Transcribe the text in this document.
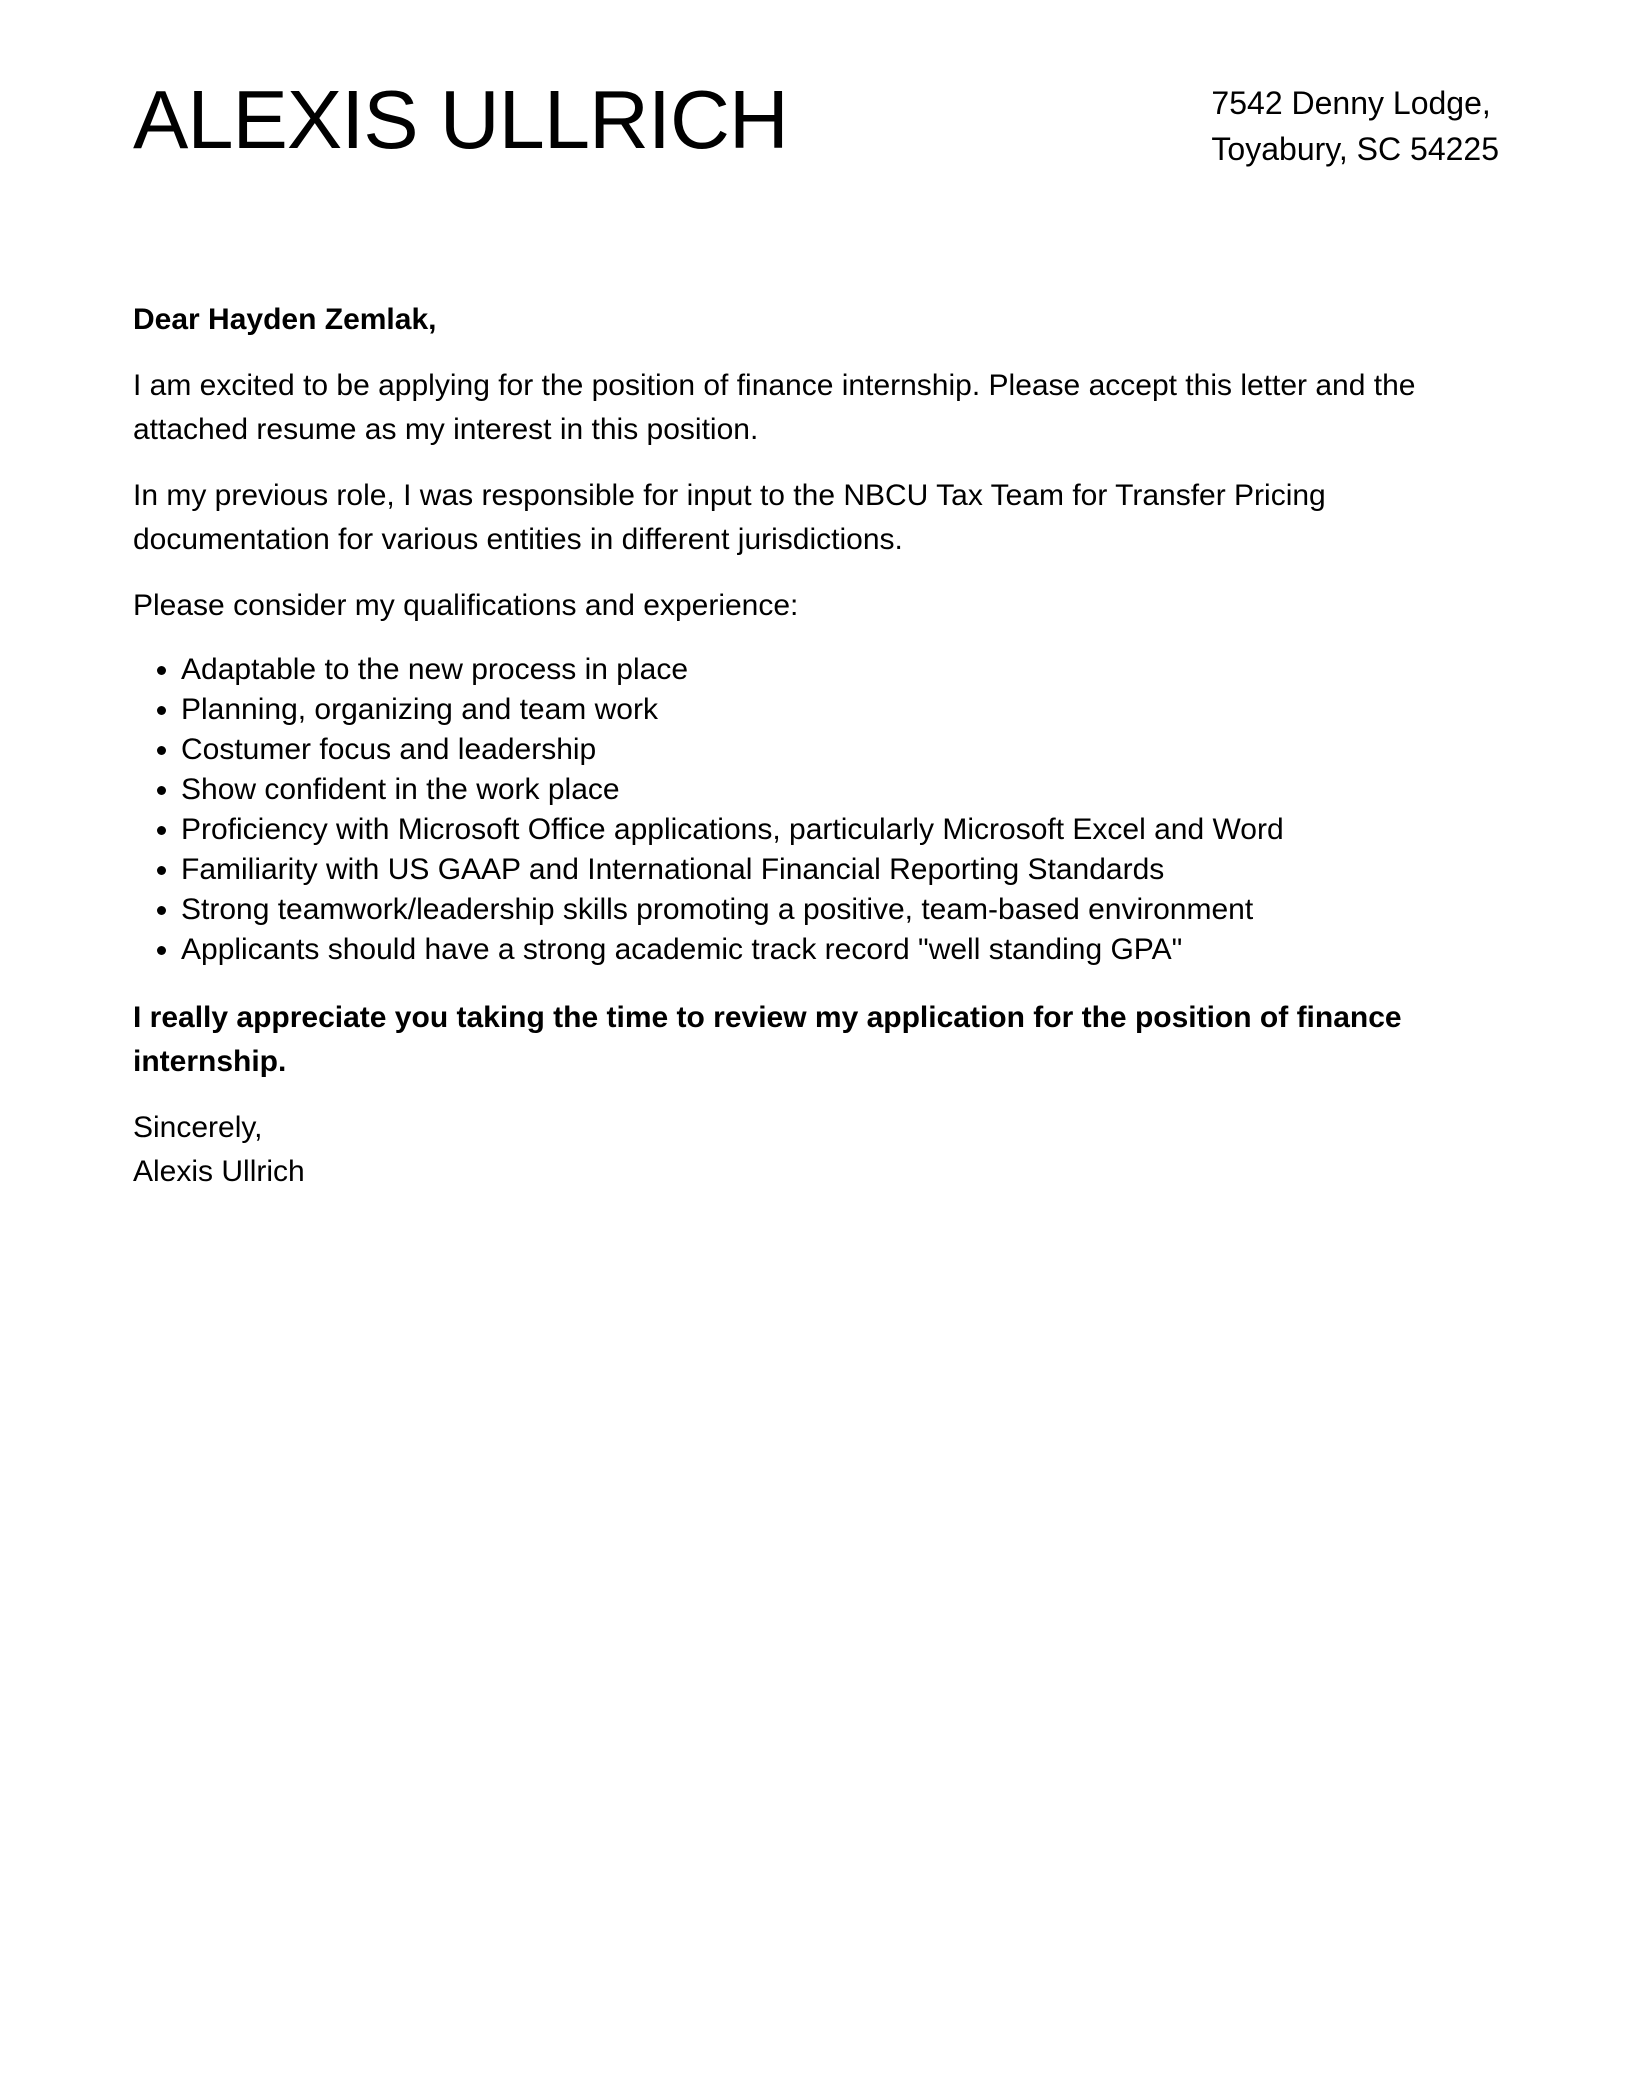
ALEXIS ULLRICH	7542 Denny Lodge,
Toyabury, SC 54225

Dear Hayden Zemlak,

I am excited to be applying for the position of finance internship. Please accept this letter and the attached resume as my interest in this position.

In my previous role, I was responsible for input to the NBCU Tax Team for Transfer Pricing documentation for various entities in different jurisdictions.

Please consider my qualifications and experience:

• Adaptable to the new process in place
• Planning, organizing and team work
• Costumer focus and leadership
• Show confident in the work place
• Proficiency with Microsoft Office applications, particularly Microsoft Excel and Word
• Familiarity with US GAAP and International Financial Reporting Standards
• Strong teamwork/leadership skills promoting a positive, team-based environment
• Applicants should have a strong academic track record "well standing GPA"

I really appreciate you taking the time to review my application for the position of finance internship.

Sincerely,
Alexis Ullrich
